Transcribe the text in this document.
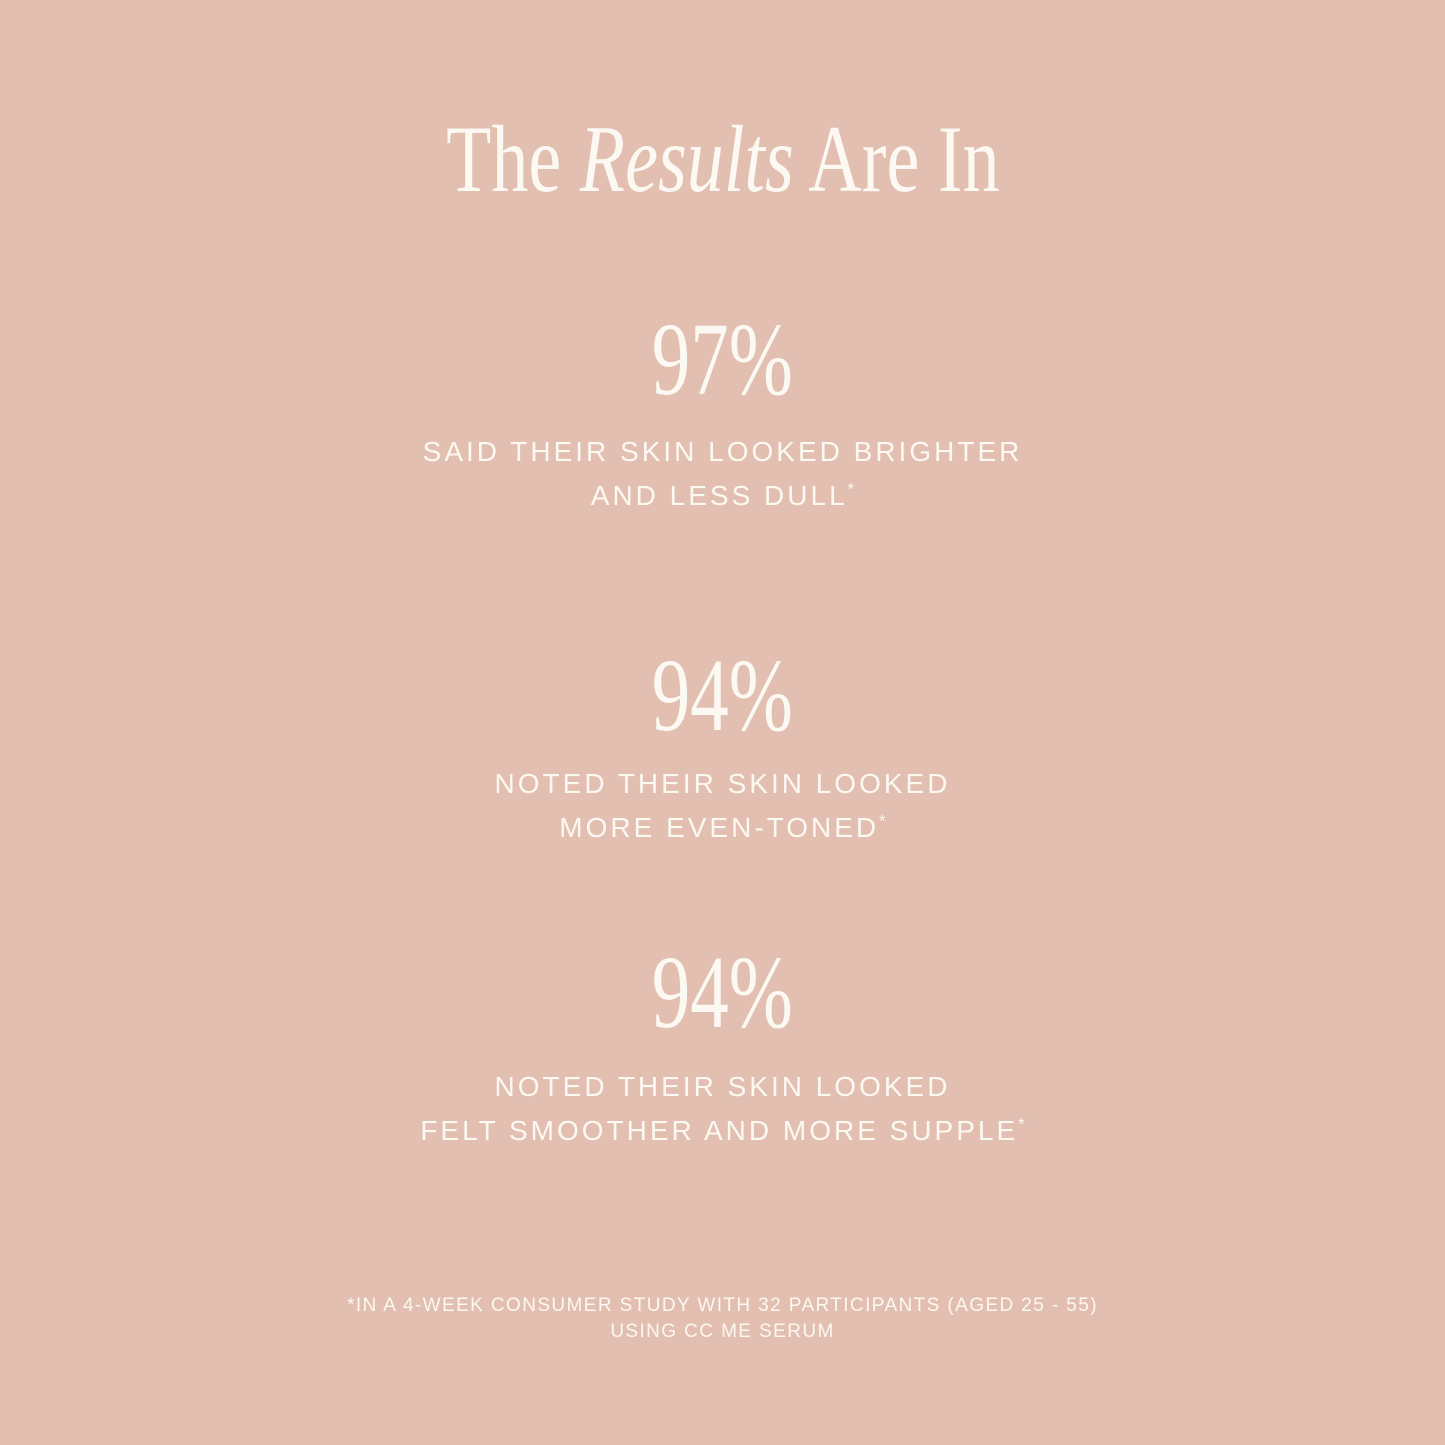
The Results Are In
97%

SAID THEIR SKIN LOOKED BRIGHTER
AND LESS DULL*

94%

NOTED THEIR SKIN LOOKED
MORE EVEN-TONED*

94%

NOTED THEIR SKIN LOOKED
FELT SMOOTHER AND MORE SUPPLE*

*IN A 4-WEEK CONSUMER STUDY WITH 32 PARTICIPANTS (AGED 25 - 55)
USING CC ME SERUM
